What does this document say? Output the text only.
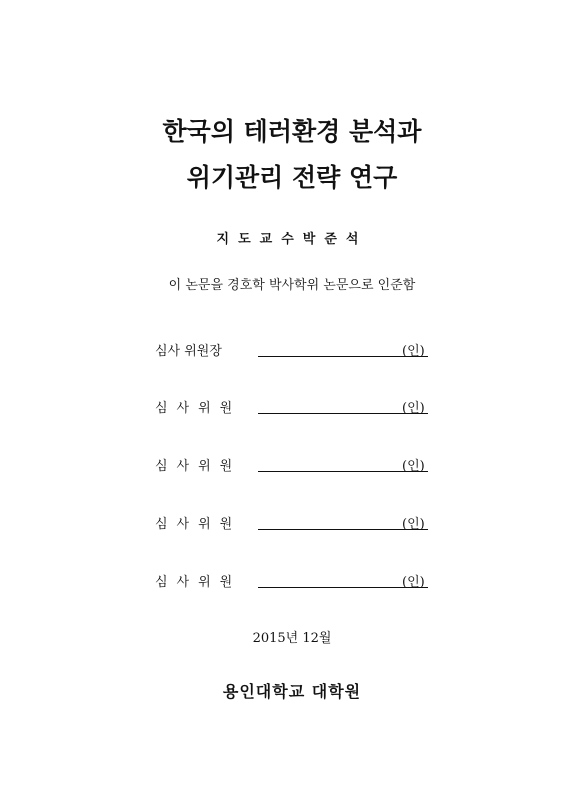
한국의 테러환경 분석과
위기관리 전략 연구
지도교수박준석
이 논문을 경호학 박사학위 논문으로 인준함
심사 위원장	(인)
심사위원	(인)
심사위원	(인)
심사위원	(인)
심사위원	(인)
2015년 12월
용인대학교 대학원
